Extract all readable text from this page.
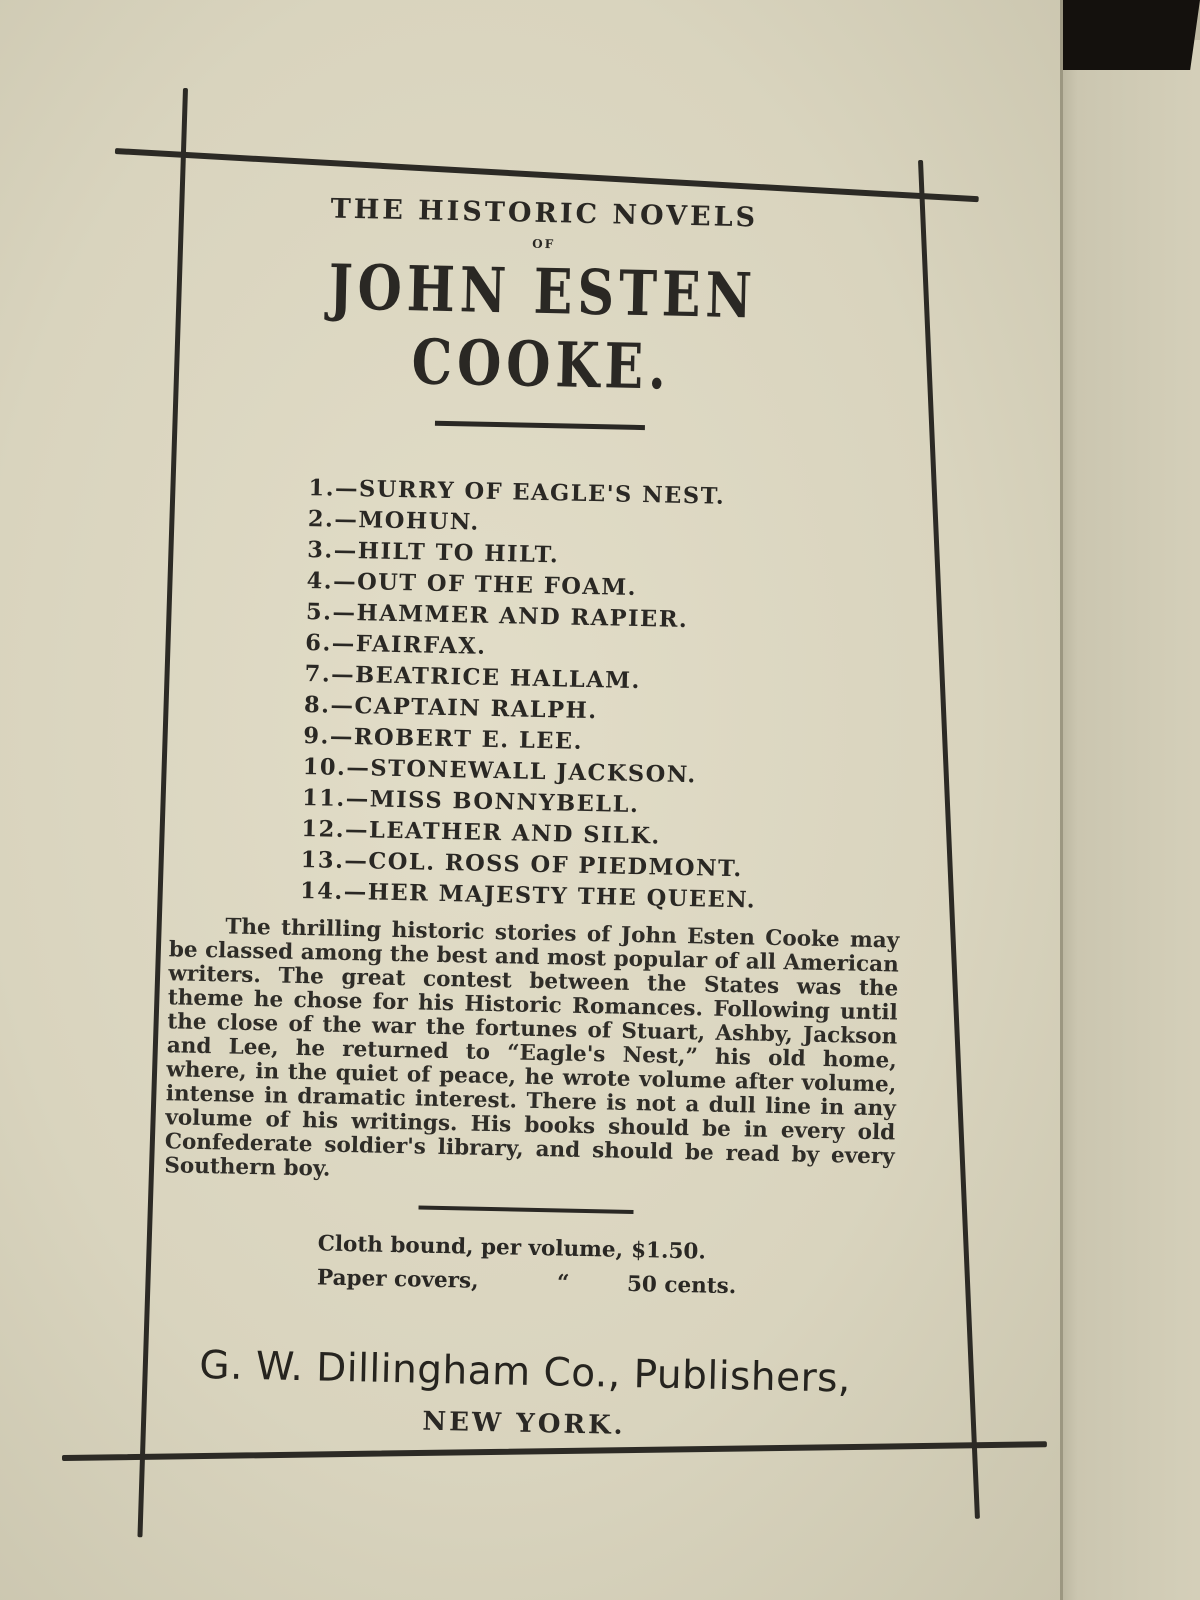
THE HISTORIC NOVELS
OF
JOHN ESTEN COOKE.
1.—SURRY OF EAGLE'S NEST.
2.—MOHUN.
3.—HILT TO HILT.
4.—OUT OF THE FOAM.
5.—HAMMER AND RAPIER.
6.—FAIRFAX.
7.—BEATRICE HALLAM.
8.—CAPTAIN RALPH.
9.—ROBERT E. LEE.
10.—STONEWALL JACKSON.
11.—MISS BONNYBELL.
12.—LEATHER AND SILK.
13.—COL. ROSS OF PIEDMONT.
14.—HER MAJESTY THE QUEEN.

The thrilling historic stories of John Esten Cooke may be classed among the best and most popular of all American writers. The great contest between the States was the theme he chose for his Historic Romances. Following until the close of the war the fortunes of Stuart, Ashby, Jackson and Lee, he returned to “Eagle's Nest,” his old home, where, in the quiet of peace, he wrote volume after volume, intense in dramatic interest. There is not a dull line in any volume of his writings. His books should be in every old Confederate soldier's library, and should be read by every Southern boy.

Cloth bound, per volume, $1.50.
Paper covers,	“	50 cents.
G. W. Dillingham Co., Publishers,
NEW YORK.
